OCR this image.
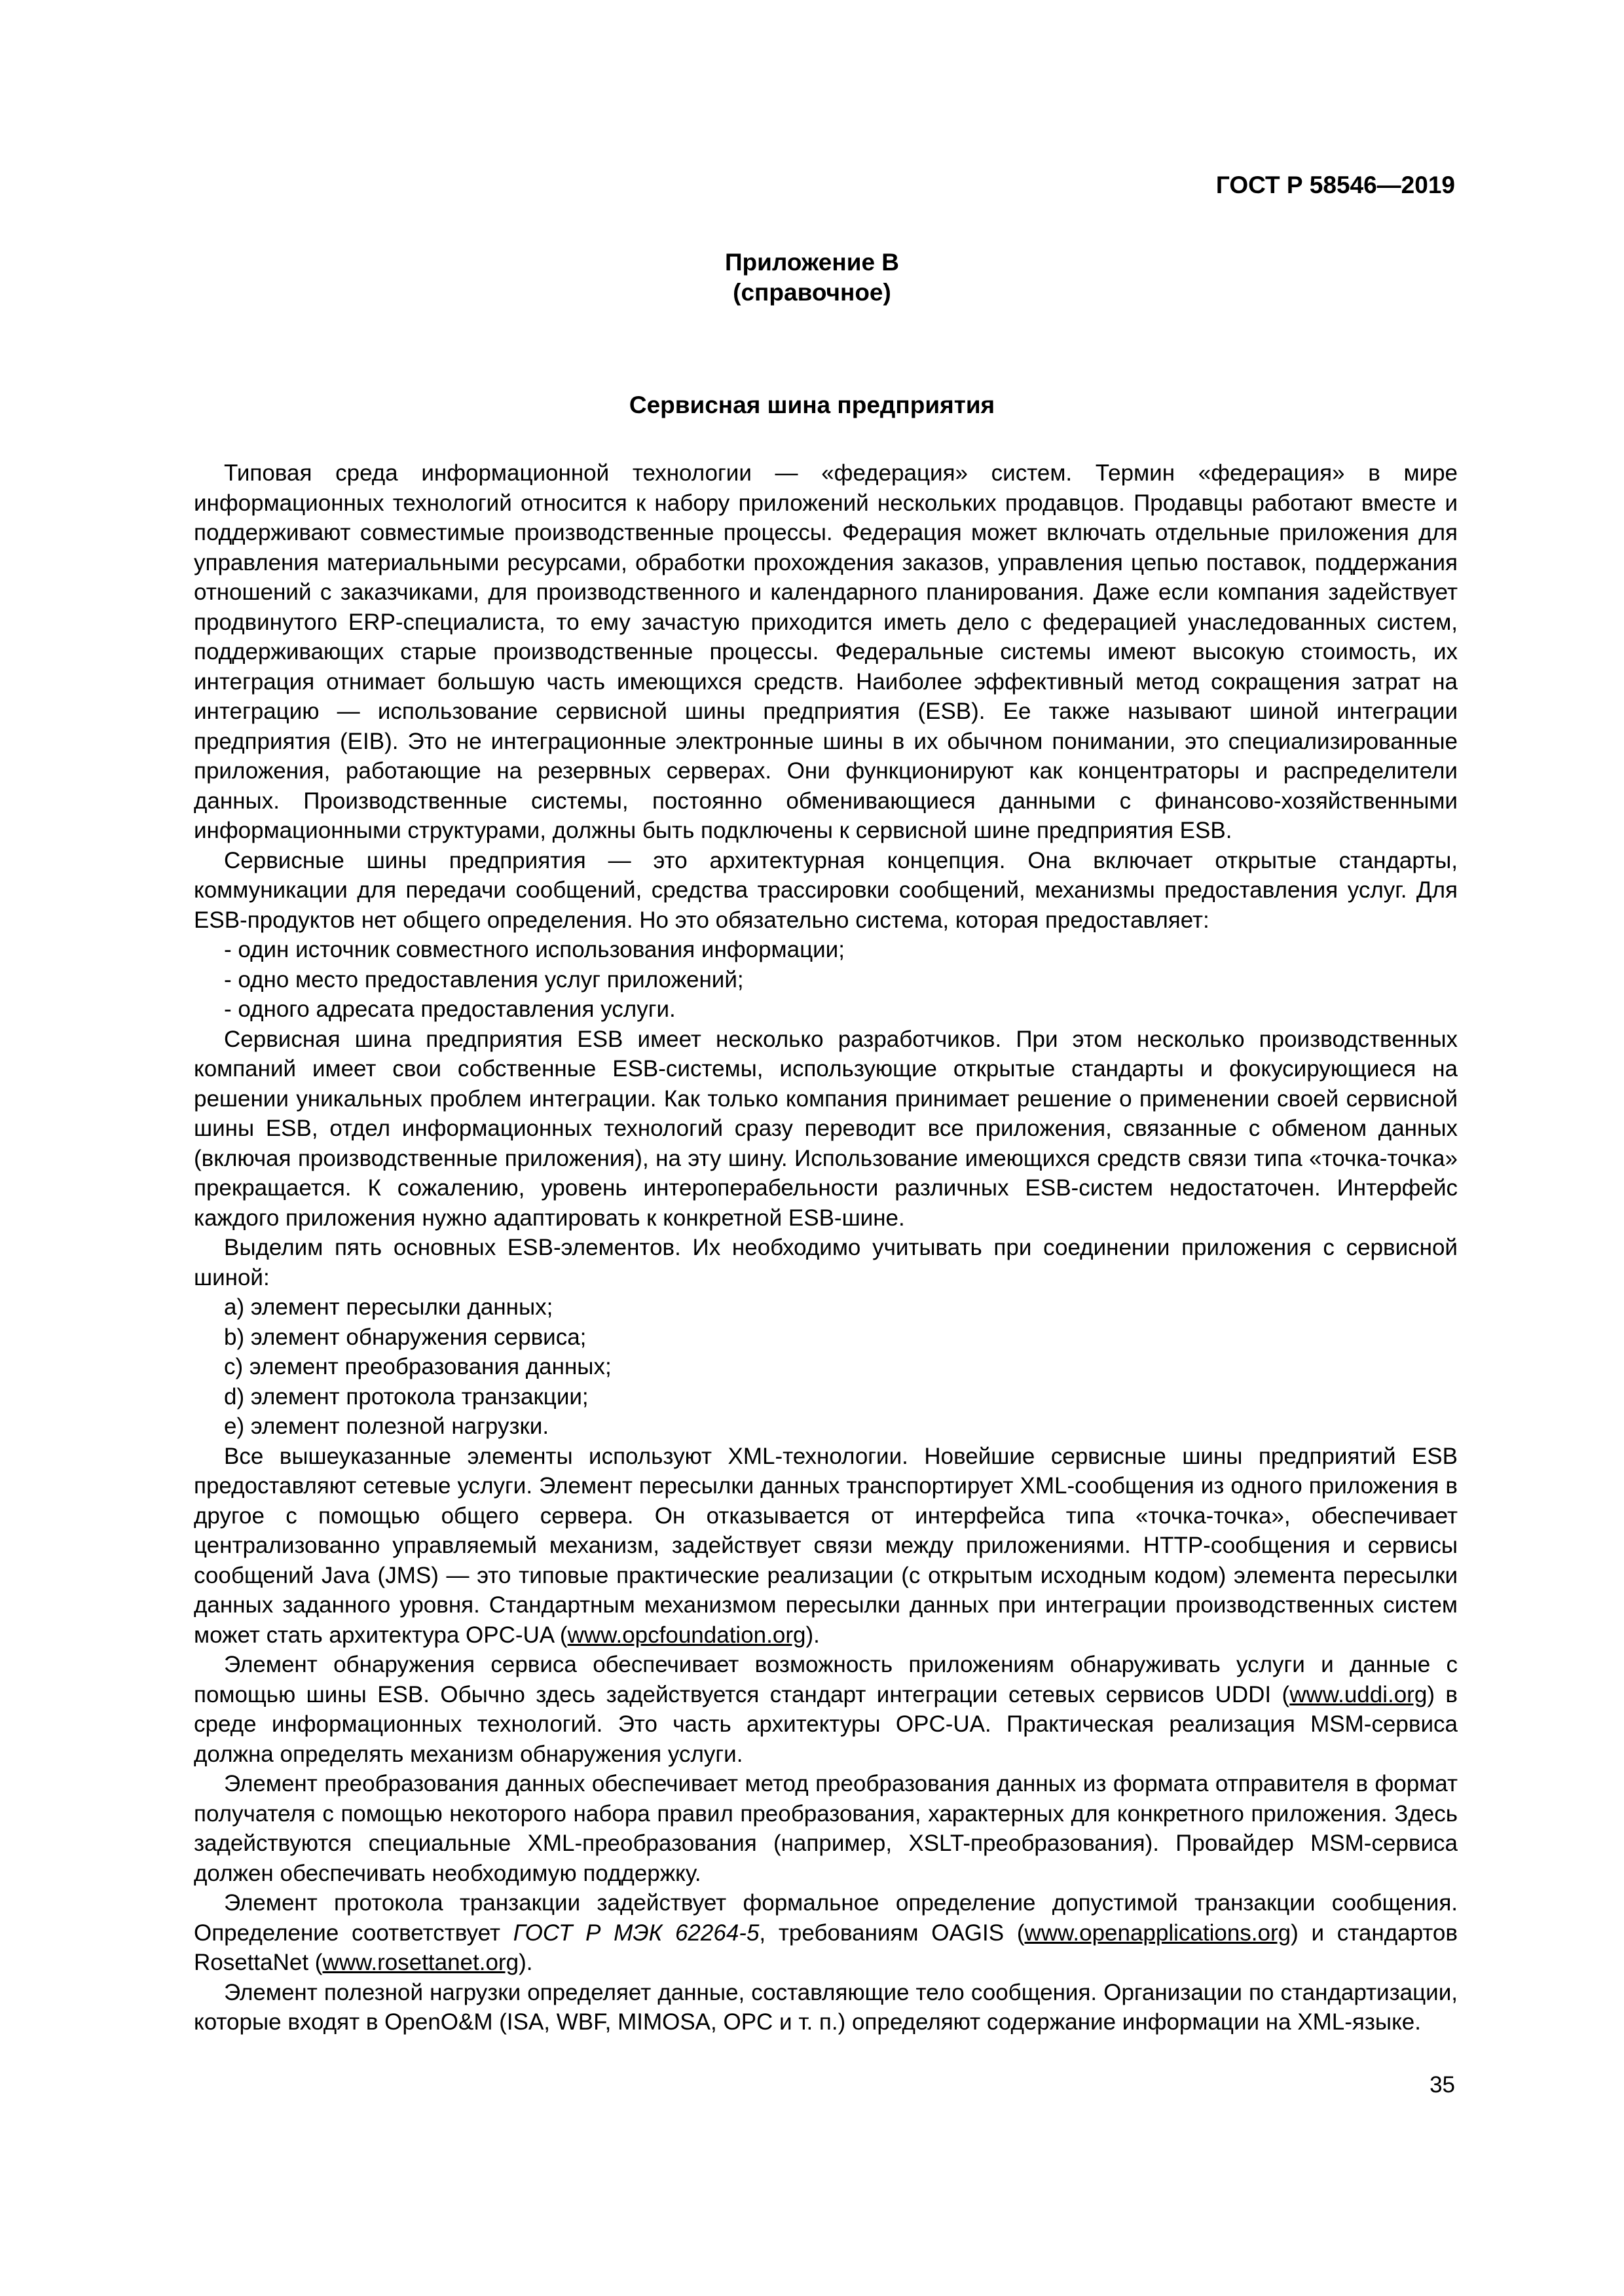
ГОСТ Р 58546—2019
Приложение В
(справочное)
Сервисная шина предприятия

Типовая среда информационной технологии — «федерация» систем. Термин «федерация» в мире информационных технологий относится к набору приложений нескольких продавцов. Продавцы работают вместе и поддерживают совместимые производственные процессы. Федерация может включать отдельные приложения для управления материальными ресурсами, обработки прохождения заказов, управления цепью поставок, поддержания отношений с заказчиками, для производственного и календарного планирования. Даже если компания задействует продвинутого ERP-специалиста, то ему зачастую приходится иметь дело с федерацией унаследованных систем, поддерживающих старые производственные процессы. Федеральные системы имеют высокую стоимость, их интеграция отнимает большую часть имеющихся средств. Наиболее эффективный метод сокращения затрат на интеграцию — использование сервисной шины предприятия (ESB). Ее также называют шиной интеграции предприятия (EIB). Это не интеграционные электронные шины в их обычном понимании, это специализированные приложения, работающие на резервных серверах. Они функционируют как концентраторы и распределители данных. Производственные системы, постоянно обменивающиеся данными с финансово-хозяйственными информационными структурами, должны быть подключены к сервисной шине предприятия ESB.

Сервисные шины предприятия — это архитектурная концепция. Она включает открытые стандарты, коммуникации для передачи сообщений, средства трассировки сообщений, механизмы предоставления услуг. Для ESB-продуктов нет общего определения. Но это обязательно система, которая предоставляет:

- один источник совместного использования информации;
- одно место предоставления услуг приложений;
- одного адресата предоставления услуги.

Сервисная шина предприятия ESB имеет несколько разработчиков. При этом несколько производственных компаний имеет свои собственные ESB-системы, использующие открытые стандарты и фокусирующиеся на решении уникальных проблем интеграции. Как только компания принимает решение о применении своей сервисной шины ESB, отдел информационных технологий сразу переводит все приложения, связанные с обменом данных (включая производственные приложения), на эту шину. Использование имеющихся средств связи типа «точка-точка» прекращается. К сожалению, уровень интероперабельности различных ESB-систем недостаточен. Интерфейс каждого приложения нужно адаптировать к конкретной ESB-шине.

Выделим пять основных ESB-элементов. Их необходимо учитывать при соединении приложения с сервисной шиной:

a) элемент пересылки данных;
b) элемент обнаружения сервиса;
c) элемент преобразования данных;
d) элемент протокола транзакции;
e) элемент полезной нагрузки.

Все вышеуказанные элементы используют XML-технологии. Новейшие сервисные шины предприятий ESB предоставляют сетевые услуги. Элемент пересылки данных транспортирует XML-сообщения из одного приложения в другое с помощью общего сервера. Он отказывается от интерфейса типа «точка-точка», обеспечивает централизованно управляемый механизм, задействует связи между приложениями. HTTP-сообщения и сервисы сообщений Java (JMS) — это типовые практические реализации (с открытым исходным кодом) элемента пересылки данных заданного уровня. Стандартным механизмом пересылки данных при интеграции производственных систем может стать архитектура OPC-UA (www.opcfoundation.org).

Элемент обнаружения сервиса обеспечивает возможность приложениям обнаруживать услуги и данные с помощью шины ESB. Обычно здесь задействуется стандарт интеграции сетевых сервисов UDDI (www.uddi.org) в среде информационных технологий. Это часть архитектуры OPC-UA. Практическая реализация MSM-сервиса должна определять механизм обнаружения услуги.

Элемент преобразования данных обеспечивает метод преобразования данных из формата отправителя в формат получателя с помощью некоторого набора правил преобразования, характерных для конкретного приложения. Здесь задействуются специальные XML-преобразования (например, XSLT-преобразования). Провайдер MSM-сервиса должен обеспечивать необходимую поддержку.

Элемент протокола транзакции задействует формальное определение допустимой транзакции сообщения. Определение соответствует ГОСТ Р МЭК 62264-5, требованиям OAGIS (www.openapplications.org) и стандартов RosettaNet (www.rosettanet.org).

Элемент полезной нагрузки определяет данные, составляющие тело сообщения. Организации по стандартизации, которые входят в OpenO&M (ISA, WBF, MIMOSA, OPC и т. п.) определяют содержание информации на XML-языке.

35
